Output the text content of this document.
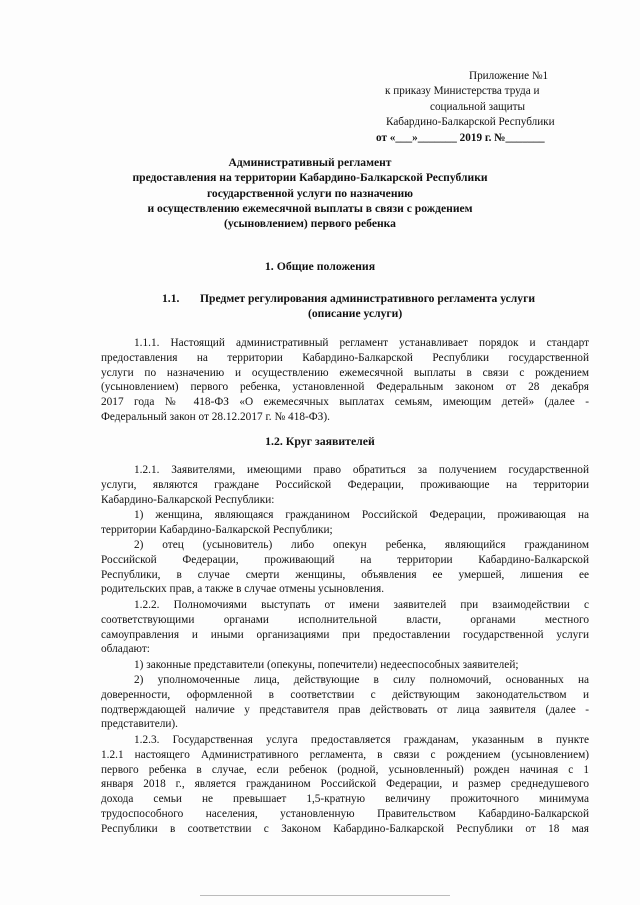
Приложение №1
к приказу Министерства труда и
социальной защиты
Кабардино-Балкарской Республики
от «___»_______ 2019 г. №_______
Административный регламент
предоставления на территории Кабардино-Балкарской Республики
государственной услуги по назначению
и осуществлению ежемесячной выплаты в связи с рождением
(усыновлением) первого ребенка
1. Общие положения
1.1. Предмет регулирования административного регламента услуги
(описание услуги)
1.1.1. Настоящий административный регламент устанавливает порядок и стандарт
предоставления на территории Кабардино-Балкарской Республики государственной
услуги по назначению и осуществлению ежемесячной выплаты в связи с рождением
(усыновлением) первого ребенка, установленной Федеральным законом от 28 декабря
2017 года № 418-ФЗ «О ежемесячных выплатах семьям, имеющим детей» (далее -
Федеральный закон от 28.12.2017 г. № 418-ФЗ).
1.2. Круг заявителей
1.2.1. Заявителями, имеющими право обратиться за получением государственной
услуги, являются граждане Российской Федерации, проживающие на территории
Кабардино-Балкарской Республики:
1) женщина, являющаяся гражданином Российской Федерации, проживающая на
территории Кабардино-Балкарской Республики;
2) отец (усыновитель) либо опекун ребенка, являющийся гражданином
Российской Федерации, проживающий на территории Кабардино-Балкарской
Республики, в случае смерти женщины, объявления ее умершей, лишения ее
родительских прав, а также в случае отмены усыновления.
1.2.2. Полномочиями выступать от имени заявителей при взаимодействии с
соответствующими органами исполнительной власти, органами местного
самоуправления и иными организациями при предоставлении государственной услуги
обладают:
1) законные представители (опекуны, попечители) недееспособных заявителей;
2) уполномоченные лица, действующие в силу полномочий, основанных на
доверенности, оформленной в соответствии с действующим законодательством и
подтверждающей наличие у представителя прав действовать от лица заявителя (далее -
представители).
1.2.3. Государственная услуга предоставляется гражданам, указанным в пункте
1.2.1 настоящего Административного регламента, в связи с рождением (усыновлением)
первого ребенка в случае, если ребенок (родной, усыновленный) рожден начиная с 1
января 2018 г., является гражданином Российской Федерации, и размер среднедушевого
дохода семьи не превышает 1,5-кратную величину прожиточного минимума
трудоспособного населения, установленную Правительством Кабардино-Балкарской
Республики в соответствии с Законом Кабардино-Балкарской Республики от 18 мая
